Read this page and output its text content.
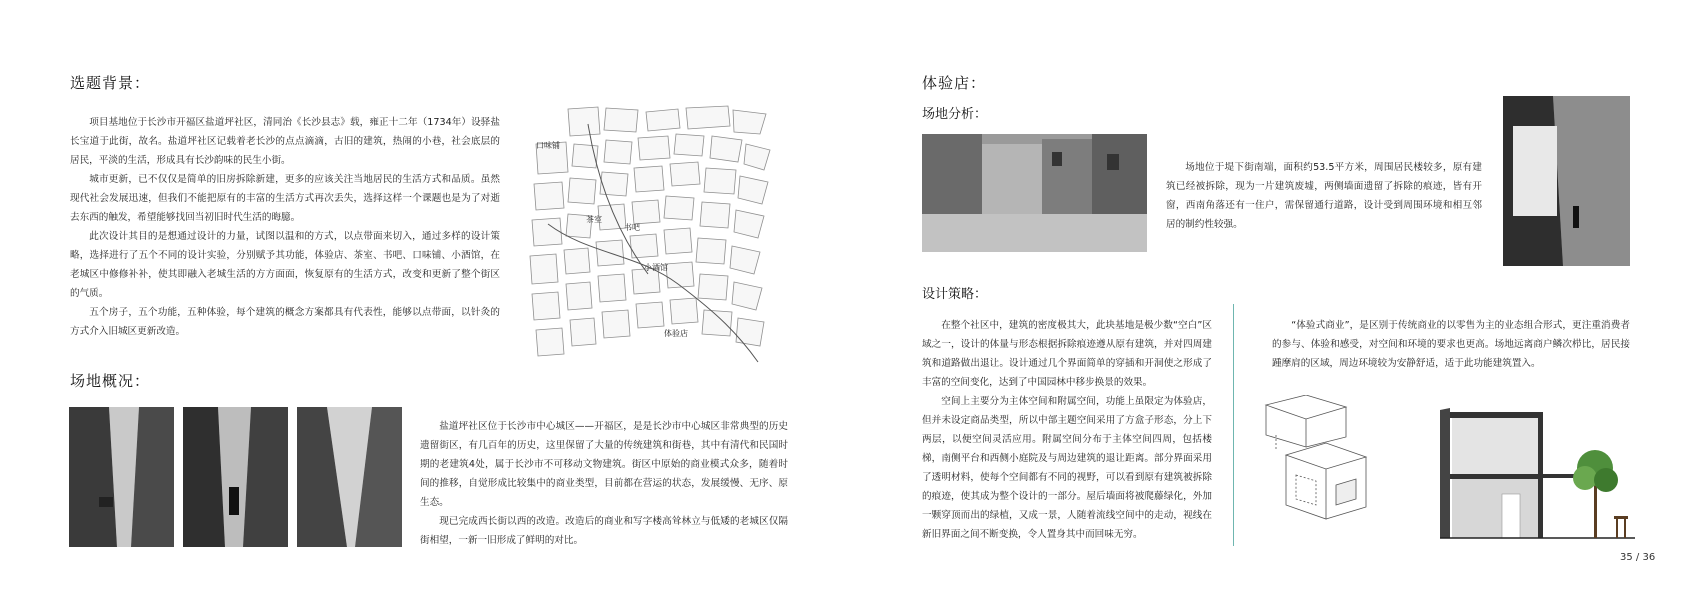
选题背景：

项目基地位于长沙市开福区盐道坪社区，清同治《长沙县志》载，雍正十二年（1734年）设驿盐长宝道于此街，故名。盐道坪社区记载着老长沙的点点滴滴，古旧的建筑，热闹的小巷，社会底层的居民，平淡的生活，形成具有长沙韵味的民生小街。

城市更新，已不仅仅是简单的旧房拆除新建，更多的应该关注当地居民的生活方式和品质。虽然现代社会发展迅速，但我们不能把原有的丰富的生活方式再次丢失，选择这样一个课题也是为了对逝去东西的触发，希望能够找回当初旧时代生活的晦臆。

此次设计其目的是想通过设计的力量，试图以温和的方式，以点带面来切入，通过多样的设计策略，选择进行了五个不同的设计实验，分别赋予其功能，体验店、茶室、书吧、口味铺、小酒馆，在老城区中修修补补，使其即融入老城生活的方方面面，恢复原有的生活方式，改变和更新了整个街区的气质。

五个房子，五个功能，五种体验，每个建筑的概念方案都具有代表性，能够以点带面，以针灸的方式介入旧城区更新改造。

口味铺
茶室
书吧
小酒馆
体验店
场地概况：

盐道坪社区位于长沙市中心城区——开福区，是是长沙市中心城区非常典型的历史遗留街区，有几百年的历史，这里保留了大量的传统建筑和街巷，其中有清代和民国时期的老建筑4处，属于长沙市不可移动文物建筑。街区中原始的商业模式众多，随着时间的推移，自觉形成比较集中的商业类型，目前都在营运的状态，发展缓慢、无序、原生态。

现已完成西长街以西的改造。改造后的商业和写字楼高耸林立与低矮的老城区仅隔街相望，一新一旧形成了鲜明的对比。

体验店：
场地分析：

场地位于堤下街南端，面积约53.5平方米，周围居民楼较多，原有建筑已经被拆除，现为一片建筑废墟，两侧墙面遗留了拆除的痕迹，皆有开窗，西南角落还有一住户，需保留通行道路，设计受到周围环境和相互邻居的制约性较强。

设计策略：

在整个社区中，建筑的密度极其大，此块基地是极少数“空白”区域之一，设计的体量与形态根据拆除痕迹遵从原有建筑，并对四周建筑和道路做出退让。设计通过几个界面简单的穿插和开洞使之形成了丰富的空间变化，达到了中国园林中移步换景的效果。

空间上主要分为主体空间和附属空间，功能上虽限定为体验店，但并未设定商品类型，所以中部主题空间采用了方盒子形态，分上下两层，以便空间灵活应用。附属空间分布于主体空间四周，包括楼梯，南侧平台和西侧小庭院及与周边建筑的退让距离。部分界面采用了透明材料，使每个空间都有不同的视野，可以看到原有建筑被拆除的痕迹，使其成为整个设计的一部分。屋后墙面将被爬藤绿化，外加一颗穿顶而出的绿植，又成一景，人随着流线空间中的走动，视线在新旧界面之间不断变换，令人置身其中而回味无穷。

“体验式商业”，是区别于传统商业的以零售为主的业态组合形式，更注重消费者的参与、体验和感受，对空间和环境的要求也更高。场地远离商户鳞次栉比，居民接踵摩肩的区域，周边环境较为安静舒适，适于此功能建筑置入。

35 / 36
